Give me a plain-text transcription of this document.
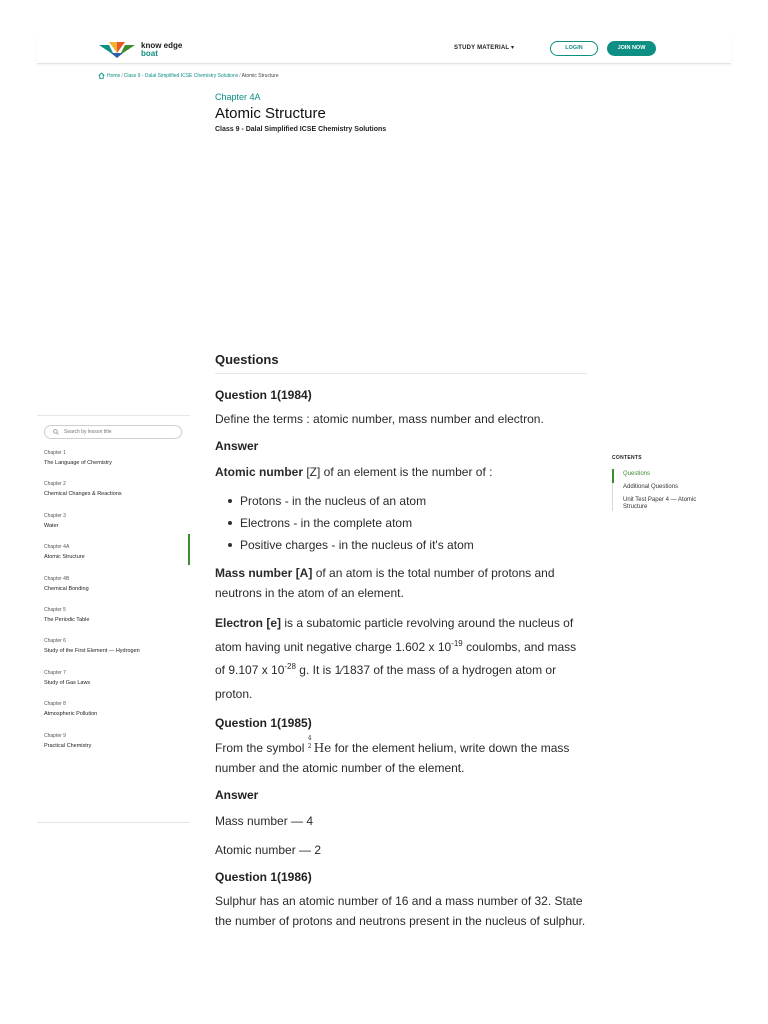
know edge
boat
STUDY MATERIAL ▾	LOGIN	JOIN NOW
Home / Class 9 - Dalal Simplified ICSE Chemistry Solutions / Atomic Structure
Chapter 4A
Atomic Structure
Class 9 - Dalal Simplified ICSE Chemistry Solutions
Search by lesson title
Chapter 1
The Language of Chemistry
Chapter 2
Chemical Changes & Reactions
Chapter 3
Water
Chapter 4A
Atomic Structure
Chapter 4B
Chemical Bonding
Chapter 5
The Periodic Table
Chapter 6
Study of the First Element — Hydrogen
Chapter 7
Study of Gas Laws
Chapter 8
Atmospheric Pollution
Chapter 9
Practical Chemistry
CONTENTS
Questions
Additional Questions
Unit Test Paper 4 — Atomic Structure
Questions
Question 1(1984)

Define the terms : atomic number, mass number and electron.

Answer

Atomic number [Z] of an element is the number of :

Protons - in the nucleus of an atom
Electrons - in the complete atom
Positive charges - in the nucleus of it's atom

Mass number [A] of an atom is the total number of protons and neutrons in the atom of an element.

Electron [e] is a subatomic particle revolving around the nucleus of atom having unit negative charge 1.602 x $10^{-19}$ coulombs, and mass of 9.107 x $10^{-28}$ g. It is 1⁄1837 of the mass of a hydrogen atom or proton.

Question 1(1985)

From the symbol
4
2 He for the element helium, write down the mass number and the atomic number of the element.

Answer

Mass number — 4

Atomic number — 2

Question 1(1986)

Sulphur has an atomic number of 16 and a mass number of 32. State the number of protons and neutrons present in the nucleus of sulphur.
